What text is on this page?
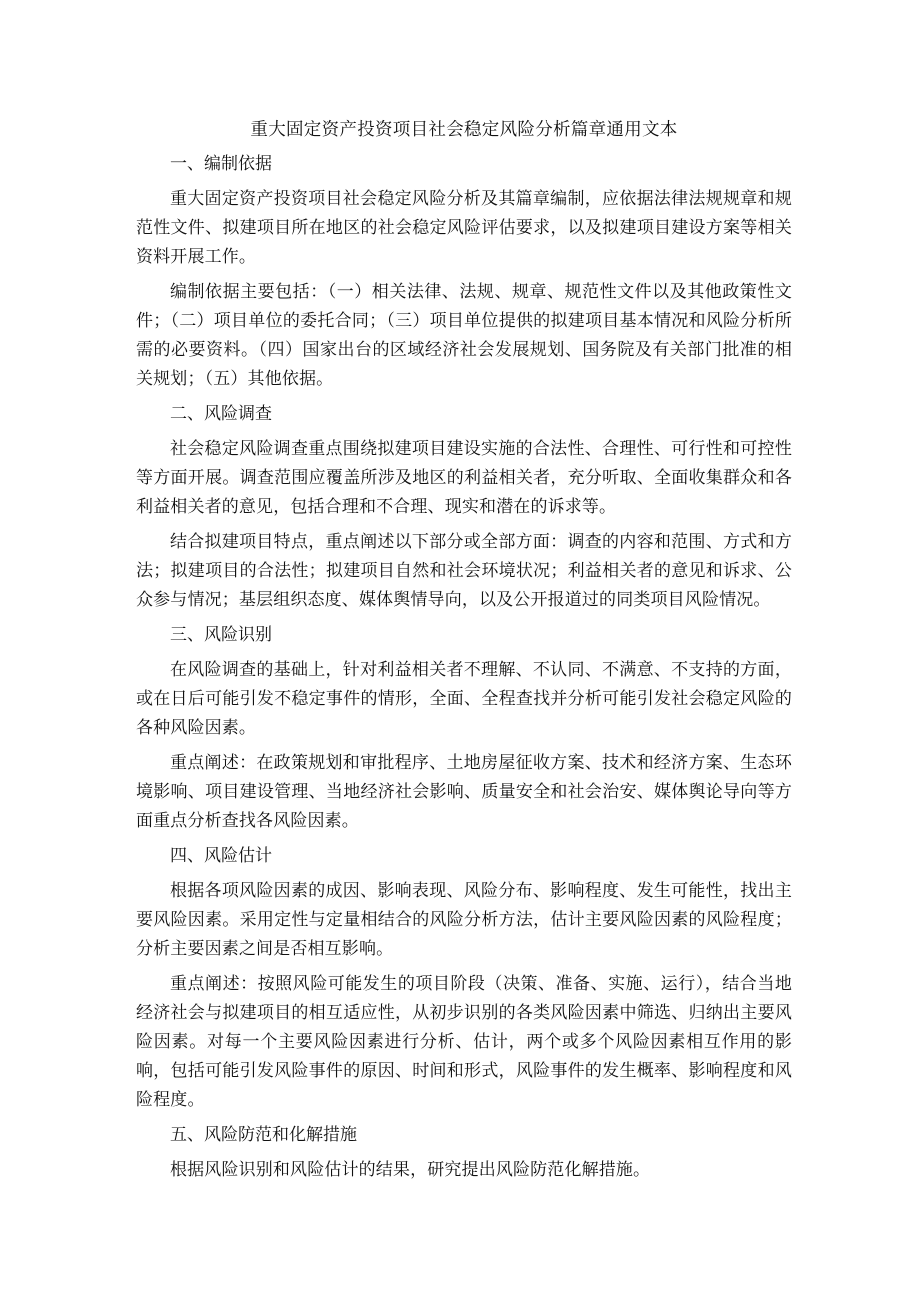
重大固定资产投资项目社会稳定风险分析篇章通用文本
一、编制依据

重大固定资产投资项目社会稳定风险分析及其篇章编制，应依据法律法规规章和规范性文件、拟建项目所在地区的社会稳定风险评估要求，以及拟建项目建设方案等相关资料开展工作。

编制依据主要包括：（一）相关法律、法规、规章、规范性文件以及其他政策性文件；（二）项目单位的委托合同；（三）项目单位提供的拟建项目基本情况和风险分析所需的必要资料。（四）国家出台的区域经济社会发展规划、国务院及有关部门批准的相关规划；（五）其他依据。

二、风险调查

社会稳定风险调查重点围绕拟建项目建设实施的合法性、合理性、可行性和可控性等方面开展。调查范围应覆盖所涉及地区的利益相关者，充分听取、全面收集群众和各利益相关者的意见，包括合理和不合理、现实和潜在的诉求等。

结合拟建项目特点，重点阐述以下部分或全部方面：调查的内容和范围、方式和方法；拟建项目的合法性；拟建项目自然和社会环境状况；利益相关者的意见和诉求、公众参与情况；基层组织态度、媒体舆情导向，以及公开报道过的同类项目风险情况。

三、风险识别

在风险调查的基础上，针对利益相关者不理解、不认同、不满意、不支持的方面，或在日后可能引发不稳定事件的情形，全面、全程查找并分析可能引发社会稳定风险的各种风险因素。

重点阐述：在政策规划和审批程序、土地房屋征收方案、技术和经济方案、生态环境影响、项目建设管理、当地经济社会影响、质量安全和社会治安、媒体舆论导向等方面重点分析查找各风险因素。

四、风险估计

根据各项风险因素的成因、影响表现、风险分布、影响程度、发生可能性，找出主要风险因素。采用定性与定量相结合的风险分析方法，估计主要风险因素的风险程度；分析主要因素之间是否相互影响。

重点阐述：按照风险可能发生的项目阶段（决策、准备、实施、运行），结合当地经济社会与拟建项目的相互适应性，从初步识别的各类风险因素中筛选、归纳出主要风险因素。对每一个主要风险因素进行分析、估计，两个或多个风险因素相互作用的影响，包括可能引发风险事件的原因、时间和形式，风险事件的发生概率、影响程度和风险程度。

五、风险防范和化解措施

根据风险识别和风险估计的结果，研究提出风险防范化解措施。
